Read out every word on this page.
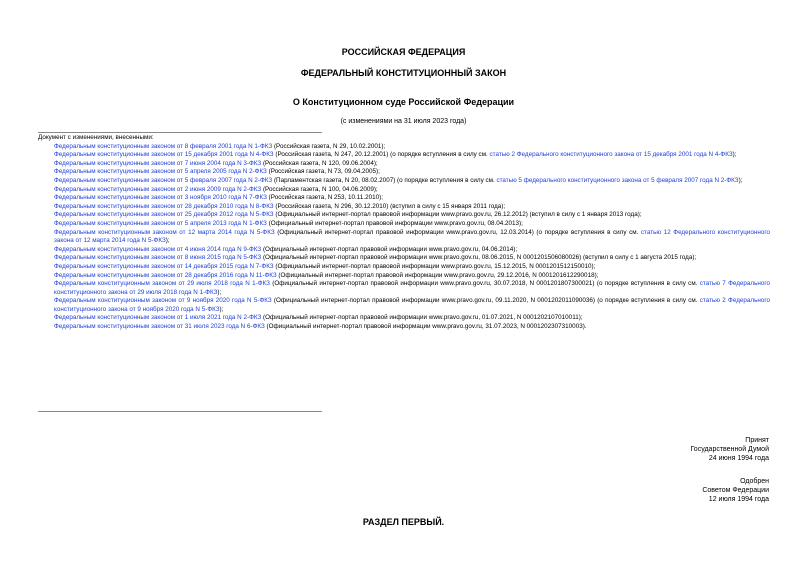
РОССИЙСКАЯ ФЕДЕРАЦИЯ

ФЕДЕРАЛЬНЫЙ КОНСТИТУЦИОННЫЙ ЗАКОН

О Конституционном суде Российской Федерации

(с изменениями на 31 июля 2023 года)

Документ с изменениями, внесенными:

Федеральным конституционным законом от 8 февраля 2001 года N 1-ФКЗ (Российская газета, N 29, 10.02.2001);

Федеральным конституционным законом от 15 декабря 2001 года N 4-ФКЗ (Российская газета, N 247, 20.12.2001) (о порядке вступления в силу см. статью 2 Федерального конституционного закона от 15 декабря 2001 года N 4-ФКЗ);

Федеральным конституционным законом от 7 июня 2004 года N 3-ФКЗ (Российская газета, N 120, 09.06.2004);

Федеральным конституционным законом от 5 апреля 2005 года N 2-ФКЗ (Российская газета, N 73, 09.04.2005);

Федеральным конституционным законом от 5 февраля 2007 года N 2-ФКЗ (Парламентская газета, N 20, 08.02.2007) (о порядке вступления в силу см. статью 5 федерального конституционного закона от 5 февраля 2007 года N 2-ФКЗ);

Федеральным конституционным законом от 2 июня 2009 года N 2-ФКЗ (Российская газета, N 100, 04.06.2009);

Федеральным конституционным законом от 3 ноября 2010 года N 7-ФКЗ (Российская газета, N 253, 10.11.2010);

Федеральным конституционным законом от 28 декабря 2010 года N 8-ФКЗ (Российская газета, N 296, 30.12.2010) (вступил в силу с 15 января 2011 года);

Федеральным конституционным законом от 25 декабря 2012 года N 5-ФКЗ (Официальный интернет-портал правовой информации www.pravo.gov.ru, 26.12.2012) (вступил в силу с 1 января 2013 года);

Федеральным конституционным законом от 5 апреля 2013 года N 1-ФКЗ (Официальный интернет-портал правовой информации www.pravo.gov.ru, 08.04.2013);

Федеральным конституционным законом от 12 марта 2014 года N 5-ФКЗ (Официальный интернет-портал правовой информации www.pravo.gov.ru, 12.03.2014) (о порядке вступления в силу см. статью 12 Федерального конституционного закона от 12 марта 2014 года N 5-ФКЗ);

Федеральным конституционным законом от 4 июня 2014 года N 9-ФКЗ (Официальный интернет-портал правовой информации www.pravo.gov.ru, 04.06.2014);

Федеральным конституционным законом от 8 июня 2015 года N 5-ФКЗ (Официальный интернет-портал правовой информации www.pravo.gov.ru, 08.06.2015, N 0001201506080026) (вступил в силу с 1 августа 2015 года);

Федеральным конституционным законом от 14 декабря 2015 года N 7-ФКЗ (Официальный интернет-портал правовой информации www.pravo.gov.ru, 15.12.2015, N 0001201512150010);

Федеральным конституционным законом от 28 декабря 2016 года N 11-ФКЗ (Официальный интернет-портал правовой информации www.pravo.gov.ru, 29.12.2016, N 0001201612290018);

Федеральным конституционным законом от 29 июля 2018 года N 1-ФКЗ (Официальный интернет-портал правовой информации www.pravo.gov.ru, 30.07.2018, N 0001201807300021) (о порядке вступления в силу см. статью 7 Федерального конституционного закона от 29 июля 2018 года N 1-ФКЗ);

Федеральным конституционным законом от 9 ноября 2020 года N 5-ФКЗ (Официальный интернет-портал правовой информации www.pravo.gov.ru, 09.11.2020, N 0001202011090036) (о порядке вступления в силу см. статью 2 Федерального конституционного закона от 9 ноября 2020 года N 5-ФКЗ);

Федеральным конституционным законом от 1 июля 2021 года N 2-ФКЗ (Официальный интернет-портал правовой информации www.pravo.gov.ru, 01.07.2021, N 0001202107010011);

Федеральным конституционным законом от 31 июля 2023 года N 6-ФКЗ (Официальный интернет-портал правовой информации www.pravo.gov.ru, 31.07.2023, N 0001202307310003).

Принят
Государственной Думой
24 июня 1994 года
Одобрен
Советом Федерации
12 июля 1994 года

РАЗДЕЛ ПЕРВЫЙ.
